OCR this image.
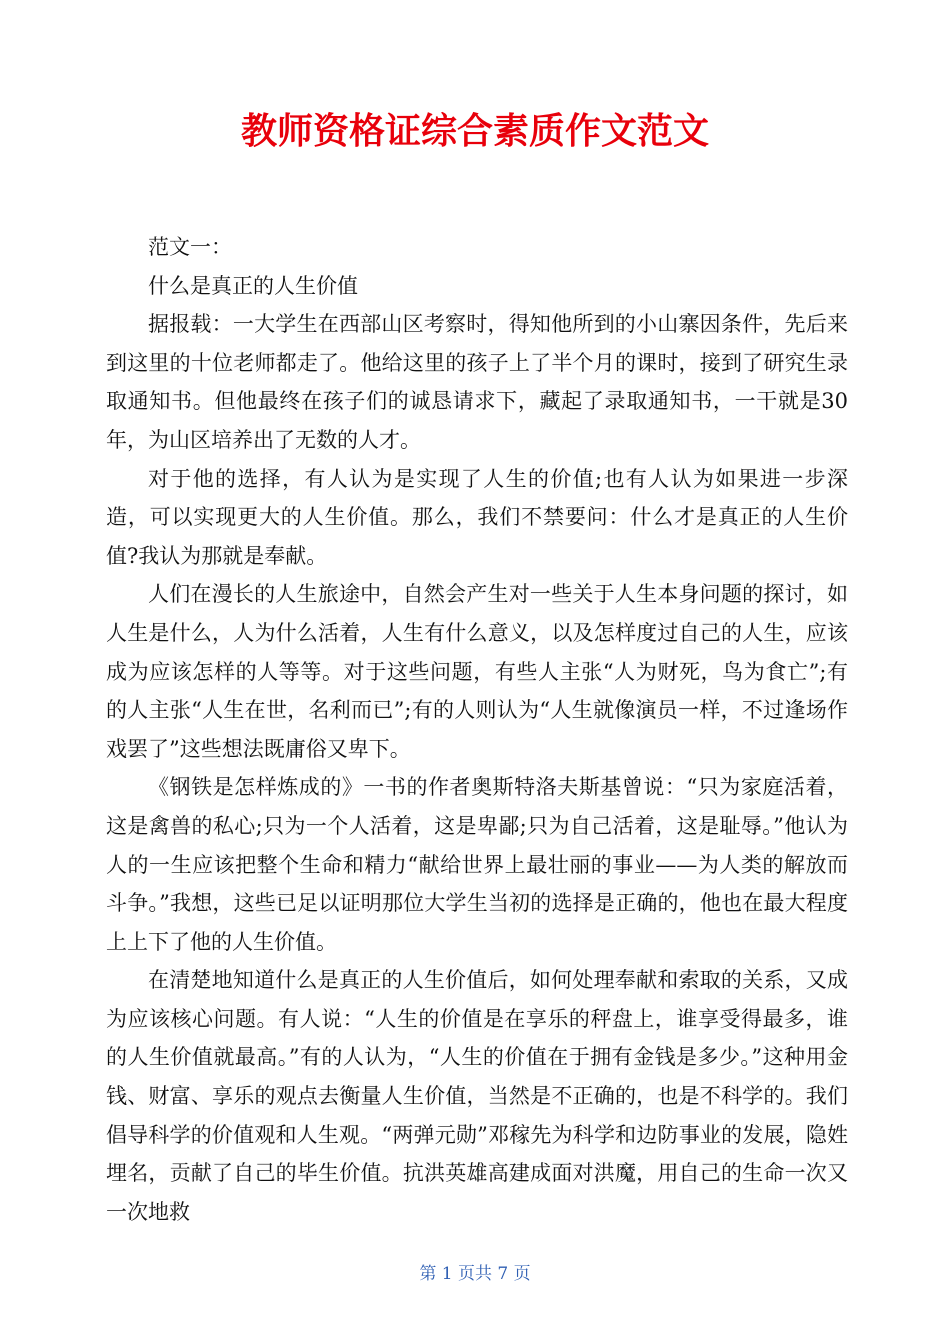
教师资格证综合素质作文范文

范文一：

什么是真正的人生价值

据报载：一大学生在西部山区考察时，得知他所到的小山寨因条件，先后来到这里的十位老师都走了。他给这里的孩子上了半个月的课时，接到了研究生录取通知书。但他最终在孩子们的诚恳请求下，藏起了录取通知书，一干就是30年，为山区培养出了无数的人才。

对于他的选择，有人认为是实现了人生的价值;也有人认为如果进一步深造，可以实现更大的人生价值。那么，我们不禁要问：什么才是真正的人生价值?我认为那就是奉献。

人们在漫长的人生旅途中，自然会产生对一些关于人生本身问题的探讨，如人生是什么，人为什么活着，人生有什么意义，以及怎样度过自己的人生，应该成为应该怎样的人等等。对于这些问题，有些人主张“人为财死，鸟为食亡”;有的人主张“人生在世，名利而已”;有的人则认为“人生就像演员一样，不过逢场作戏罢了”这些想法既庸俗又卑下。

《钢铁是怎样炼成的》一书的作者奥斯特洛夫斯基曾说：“只为家庭活着，这是禽兽的私心;只为一个人活着，这是卑鄙;只为自己活着，这是耻辱。”他认为人的一生应该把整个生命和精力“献给世界上最壮丽的事业——为人类的解放而斗争。”我想，这些已足以证明那位大学生当初的选择是正确的，他也在最大程度上上下了他的人生价值。

在清楚地知道什么是真正的人生价值后，如何处理奉献和索取的关系，又成为应该核心问题。有人说：“人生的价值是在享乐的秤盘上，谁享受得最多，谁的人生价值就最高。”有的人认为，“人生的价值在于拥有金钱是多少。”这种用金钱、财富、享乐的观点去衡量人生价值，当然是不正确的，也是不科学的。我们倡导科学的价值观和人生观。“两弹元勋”邓稼先为科学和边防事业的发展，隐姓埋名，贡献了自己的毕生价值。抗洪英雄高建成面对洪魔，用自己的生命一次又一次地救

第 1 页共 7 页
